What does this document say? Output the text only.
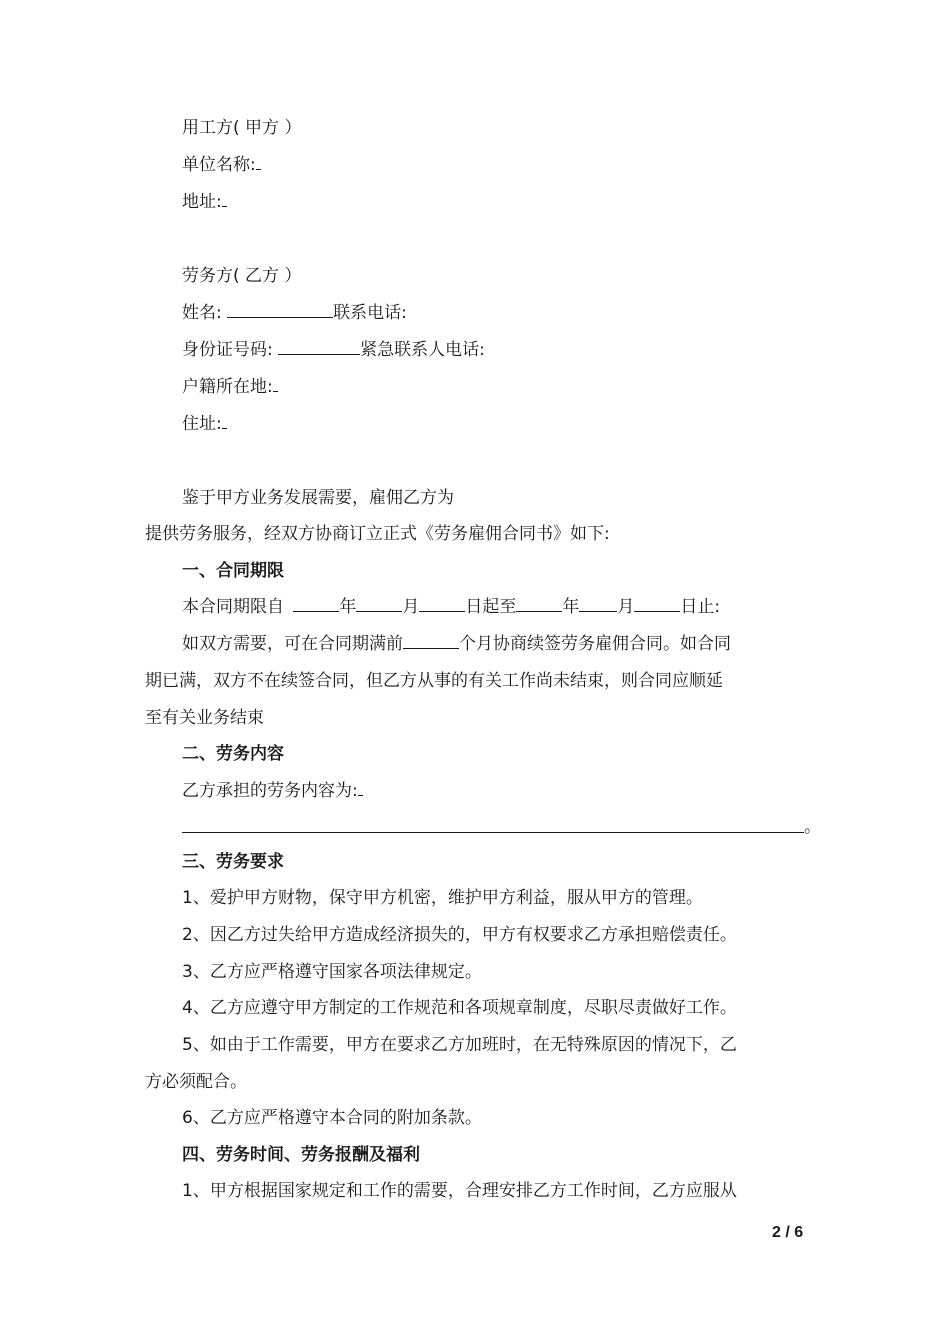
用工方( 甲方 ）
单位名称:
地址:
劳务方( 乙方 ）
姓名:	联系电话:
身份证号码:	紧急联系人电话:
户籍所在地:
住址:
鉴于甲方业务发展需要，雇佣乙方为
提供劳务服务，经双方协商订立正式《劳务雇佣合同书》如下:
一、合同期限
本合同期限自	年	月	日起至	年 月	日止:
如双方需要，可在合同期满前	个月协商续签劳务雇佣合同。如合同
期已满，双方不在续签合同，但乙方从事的有关工作尚未结束，则合同应顺延
至有关业务结束
二、劳务内容
乙方承担的劳务内容为:
。
三、劳务要求
1、爱护甲方财物，保守甲方机密，维护甲方利益，服从甲方的管理。
2、因乙方过失给甲方造成经济损失的，甲方有权要求乙方承担赔偿责任。
3、乙方应严格遵守国家各项法律规定。
4、乙方应遵守甲方制定的工作规范和各项规章制度，尽职尽责做好工作。
5、如由于工作需要，甲方在要求乙方加班时，在无特殊原因的情况下，乙
方必须配合。
6、乙方应严格遵守本合同的附加条款。
四、劳务时间、劳务报酬及福利
1、甲方根据国家规定和工作的需要，合理安排乙方工作时间，乙方应服从
2 / 6
